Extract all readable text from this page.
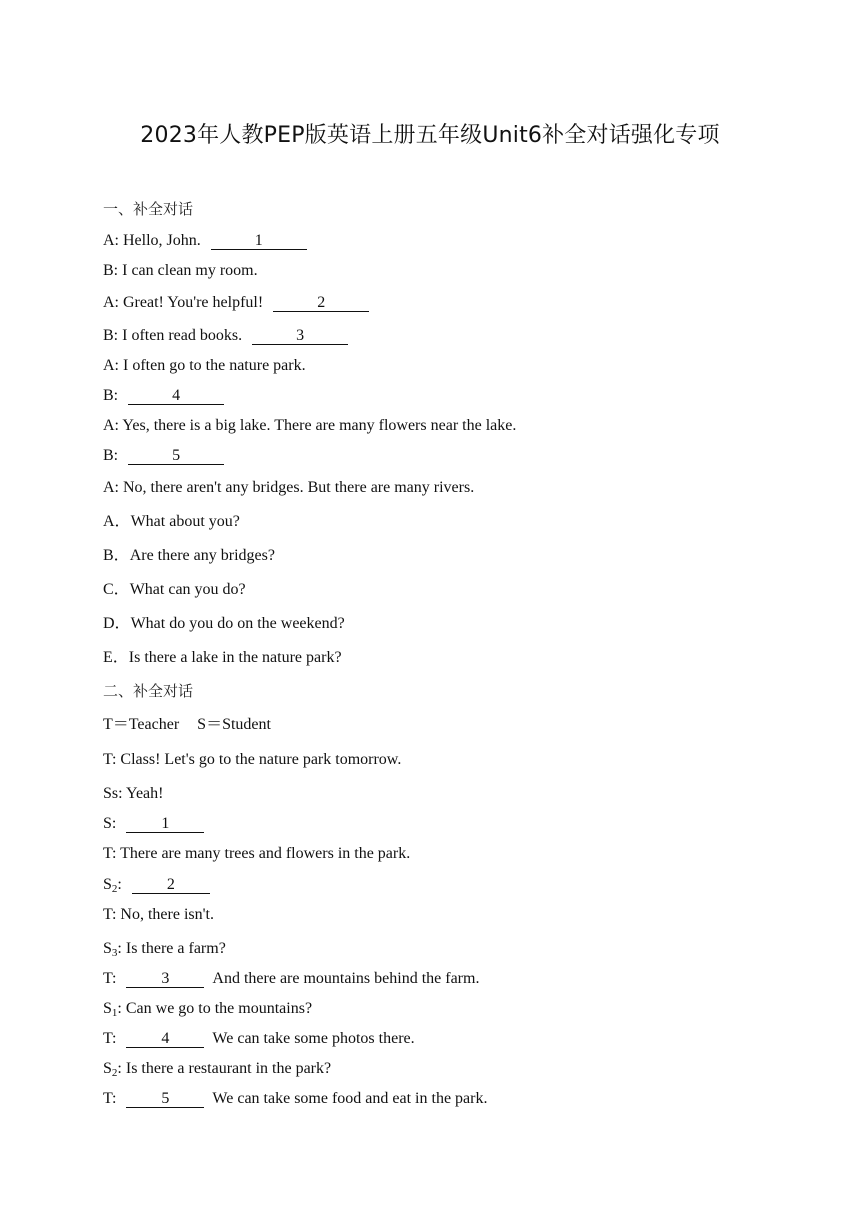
2023年人教PEP版英语上册五年级Unit6补全对话强化专项
一、补全对话
A: Hello, John.	1
B: I can clean my room.
A: Great! You're helpful!	2
B: I often read books.	3
A: I often go to the nature park.
B:	4
A: Yes, there is a big lake. There are many flowers near the lake.
B:	5
A: No, there aren't any bridges. But there are many rivers.
A．What about you?
B．Are there any bridges?
C．What can you do?
D．What do you do on the weekend?
E．Is there a lake in the nature park?
二、补全对话
T＝Teacher S＝Student
T: Class! Let's go to the nature park tomorrow.
Ss: Yeah!
S:	1
T: There are many trees and flowers in the park.
$S_2$:	2
T: No, there isn't.
$S_3$: Is there a farm?
T:	3	And there are mountains behind the farm.
$S_1$: Can we go to the mountains?
T:	4	We can take some photos there.
$S_2$: Is there a restaurant in the park?
T:	5	We can take some food and eat in the park.
